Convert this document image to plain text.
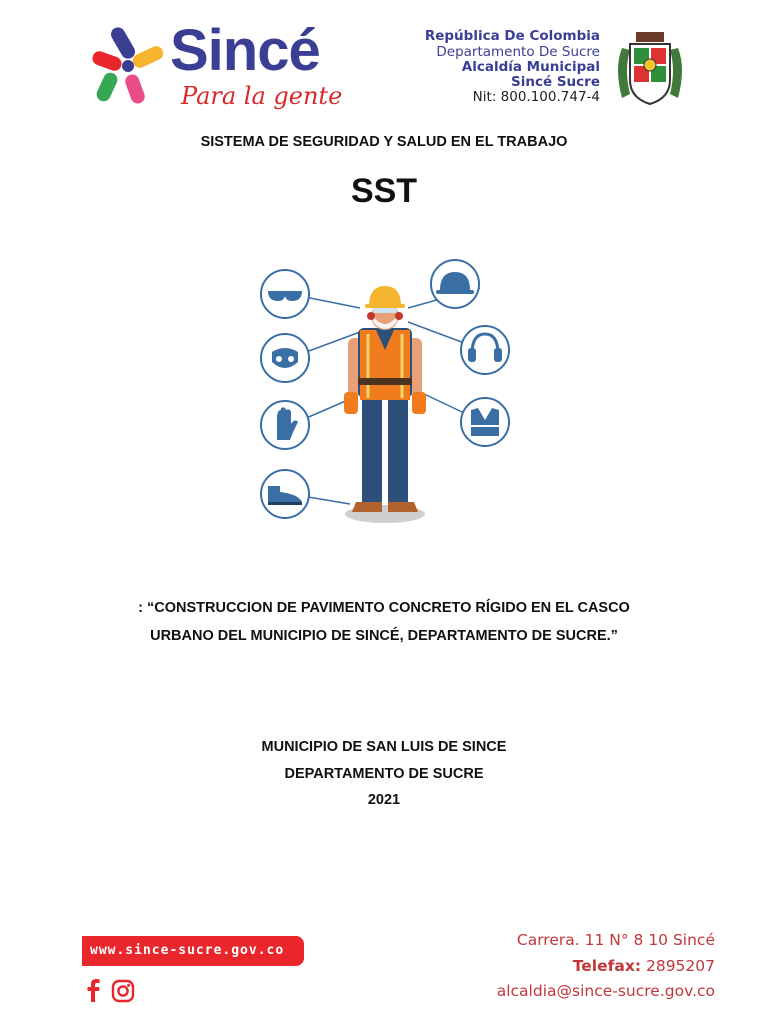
Sincé
Para la gente
República De Colombia
Departamento De Sucre
Alcaldía Municipal
Sincé Sucre
Nit: 800.100.747-4
SISTEMA DE SEGURIDAD Y SALUD EN EL TRABAJO
SST
: “CONSTRUCCION DE PAVIMENTO CONCRETO RÍGIDO EN EL CASCO
URBANO DEL MUNICIPIO DE SINCÉ, DEPARTAMENTO DE SUCRE.”
MUNICIPIO DE SAN LUIS DE SINCE
DEPARTAMENTO DE SUCRE
2021
www.since-sucre.gov.co
Carrera. 11 N° 8 10 Sincé
Telefax: 2895207
alcaldia@since-sucre.gov.co
